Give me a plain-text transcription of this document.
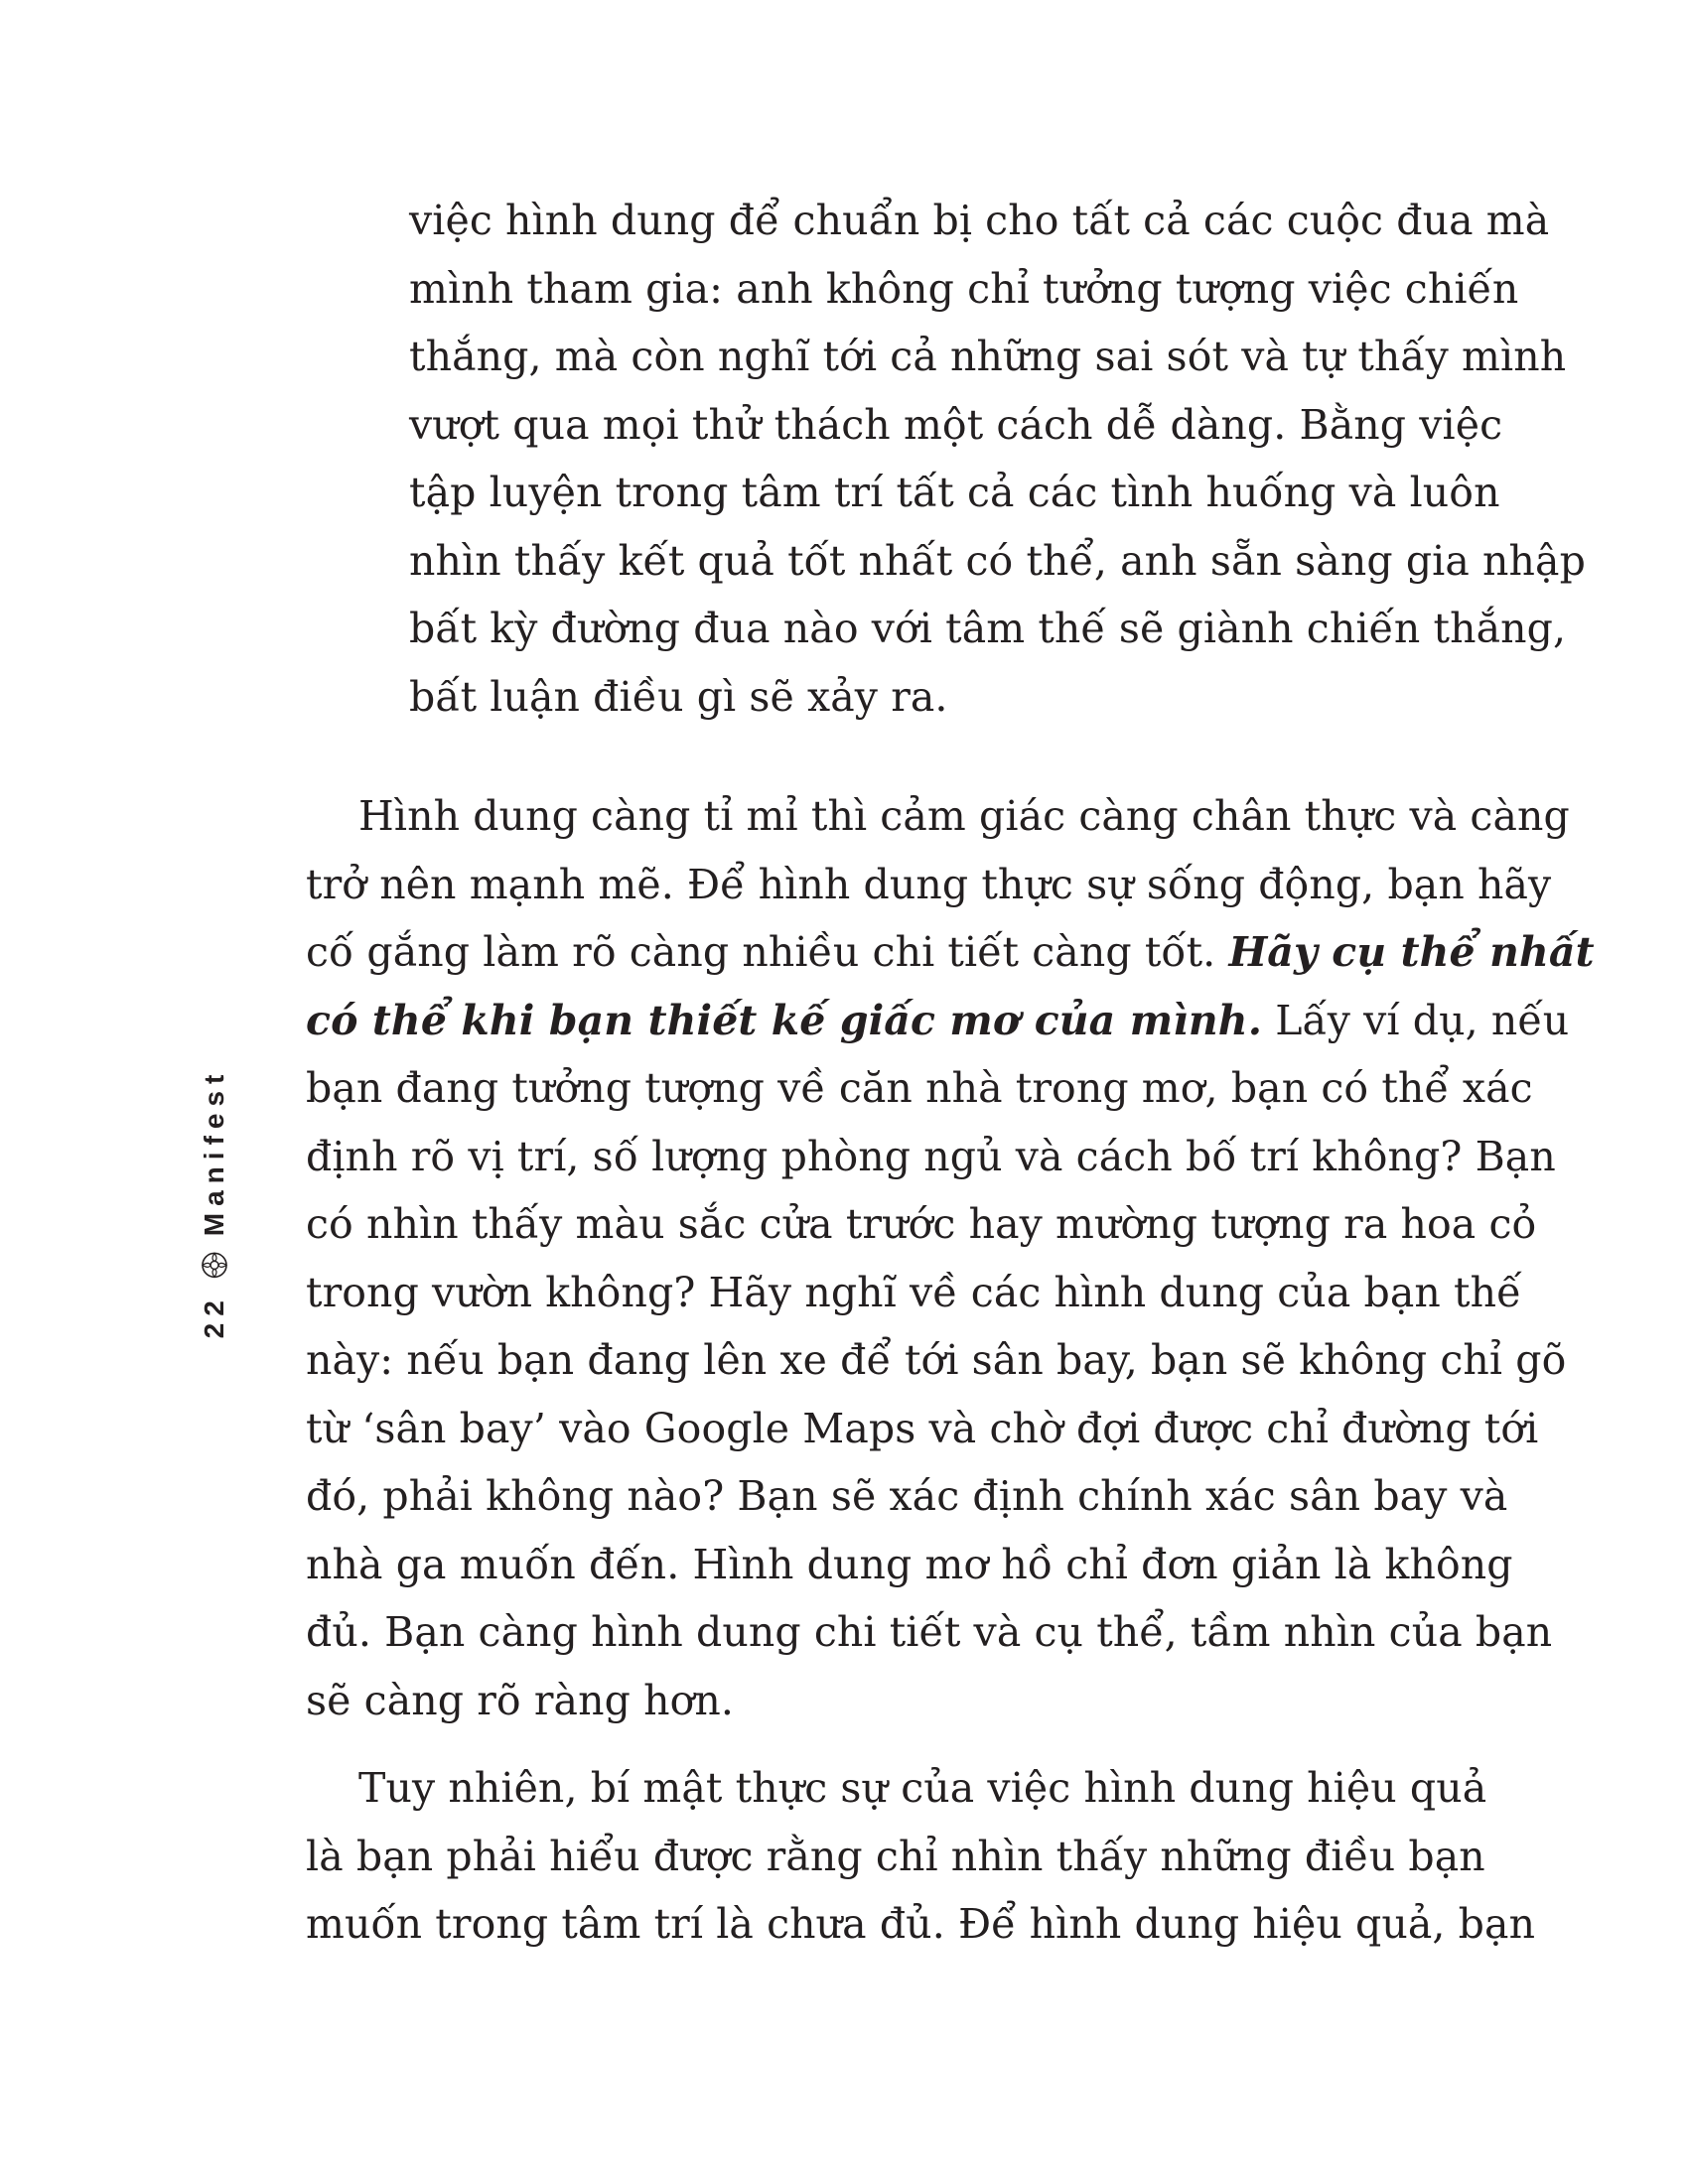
22
Manifest
việc hình dung để chuẩn bị cho tất cả các cuộc đua mà
mình tham gia: anh không chỉ tưởng tượng việc chiến
thắng, mà còn nghĩ tới cả những sai sót và tự thấy mình
vượt qua mọi thử thách một cách dễ dàng. Bằng việc
tập luyện trong tâm trí tất cả các tình huống và luôn
nhìn thấy kết quả tốt nhất có thể, anh sẵn sàng gia nhập
bất kỳ đường đua nào với tâm thế sẽ giành chiến thắng,
bất luận điều gì sẽ xảy ra.
Hình dung càng tỉ mỉ thì cảm giác càng chân thực và càng
trở nên mạnh mẽ. Để hình dung thực sự sống động, bạn hãy
cố gắng làm rõ càng nhiều chi tiết càng tốt. Hãy cụ thể nhất
có thể khi bạn thiết kế giấc mơ của mình. Lấy ví dụ, nếu
bạn đang tưởng tượng về căn nhà trong mơ, bạn có thể xác
định rõ vị trí, số lượng phòng ngủ và cách bố trí không? Bạn
có nhìn thấy màu sắc cửa trước hay mường tượng ra hoa cỏ
trong vườn không? Hãy nghĩ về các hình dung của bạn thế
này: nếu bạn đang lên xe để tới sân bay, bạn sẽ không chỉ gõ
từ ‘sân bay’ vào Google Maps và chờ đợi được chỉ đường tới
đó, phải không nào? Bạn sẽ xác định chính xác sân bay và
nhà ga muốn đến. Hình dung mơ hồ chỉ đơn giản là không
đủ. Bạn càng hình dung chi tiết và cụ thể, tầm nhìn của bạn
sẽ càng rõ ràng hơn.
Tuy nhiên, bí mật thực sự của việc hình dung hiệu quả
là bạn phải hiểu được rằng chỉ nhìn thấy những điều bạn
muốn trong tâm trí là chưa đủ. Để hình dung hiệu quả, bạn
